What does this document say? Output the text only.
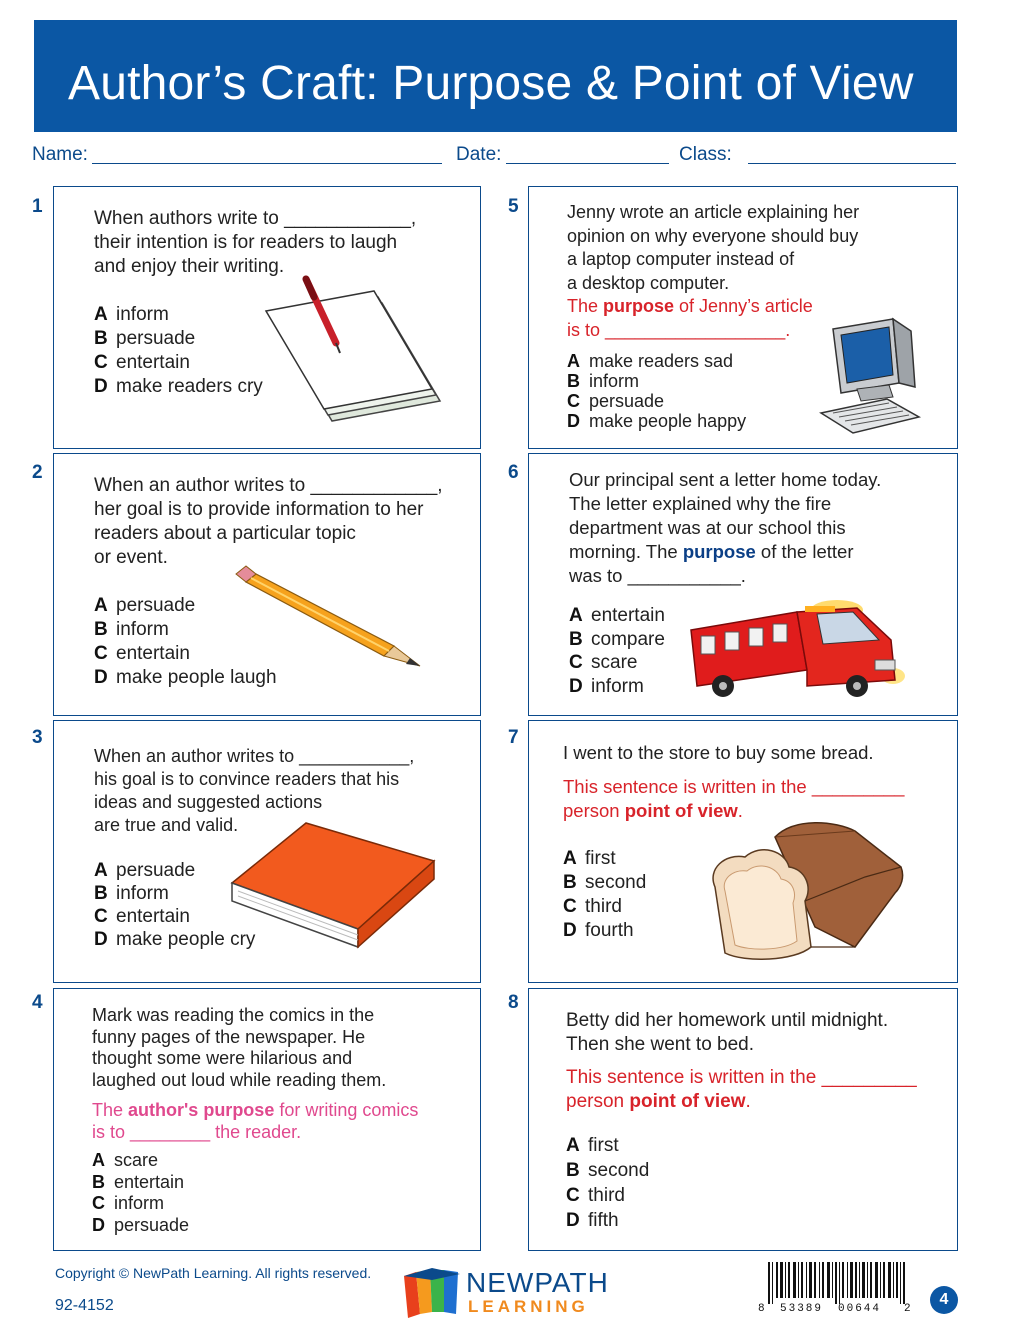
Author’s Craft: Purpose & Point of View
Name:	Date:	Class:
1
When authors write to ____________,
their intention is for readers to laugh
and enjoy their writing.
A inform
B persuade
C entertain
D make readers cry
2
When an author writes to ____________,
her goal is to provide information to her
readers about a particular topic
or event.
A persuade
B inform
C entertain
D make people laugh
3
When an author writes to ___________,
his goal is to convince readers that his
ideas and suggested actions
are true and valid.
A persuade
B inform
C entertain
D make people cry
4
Mark was reading the comics in the
funny pages of the newspaper. He
thought some were hilarious and
laughed out loud while reading them.
The author's purpose for writing comics
is to ________ the reader.
A scare
B entertain
C inform
D persuade
5	Jenny wrote an article explaining her
opinion on why everyone should buy
a laptop computer instead of
a desktop computer.
The purpose of Jenny’s article
is to __________________.
A make readers sad
B inform
C persuade
D make people happy
6	Our principal sent a letter home today.
The letter explained why the fire
department was at our school this
morning. The purpose of the letter
was to ___________.
A entertain
B compare
C scare
D inform
7
I went to the store to buy some bread.
This sentence is written in the _________
person point of view.
A first
B second
C third
D fourth
8
Betty did her homework until midnight.
Then she went to bed.
This sentence is written in the _________
person point of view.
A first
B second
C third
D fifth
Copyright © NewPath Learning. All rights reserved.
92-4152
NEWPATH
LEARNING	8 53389 00644 2
4
